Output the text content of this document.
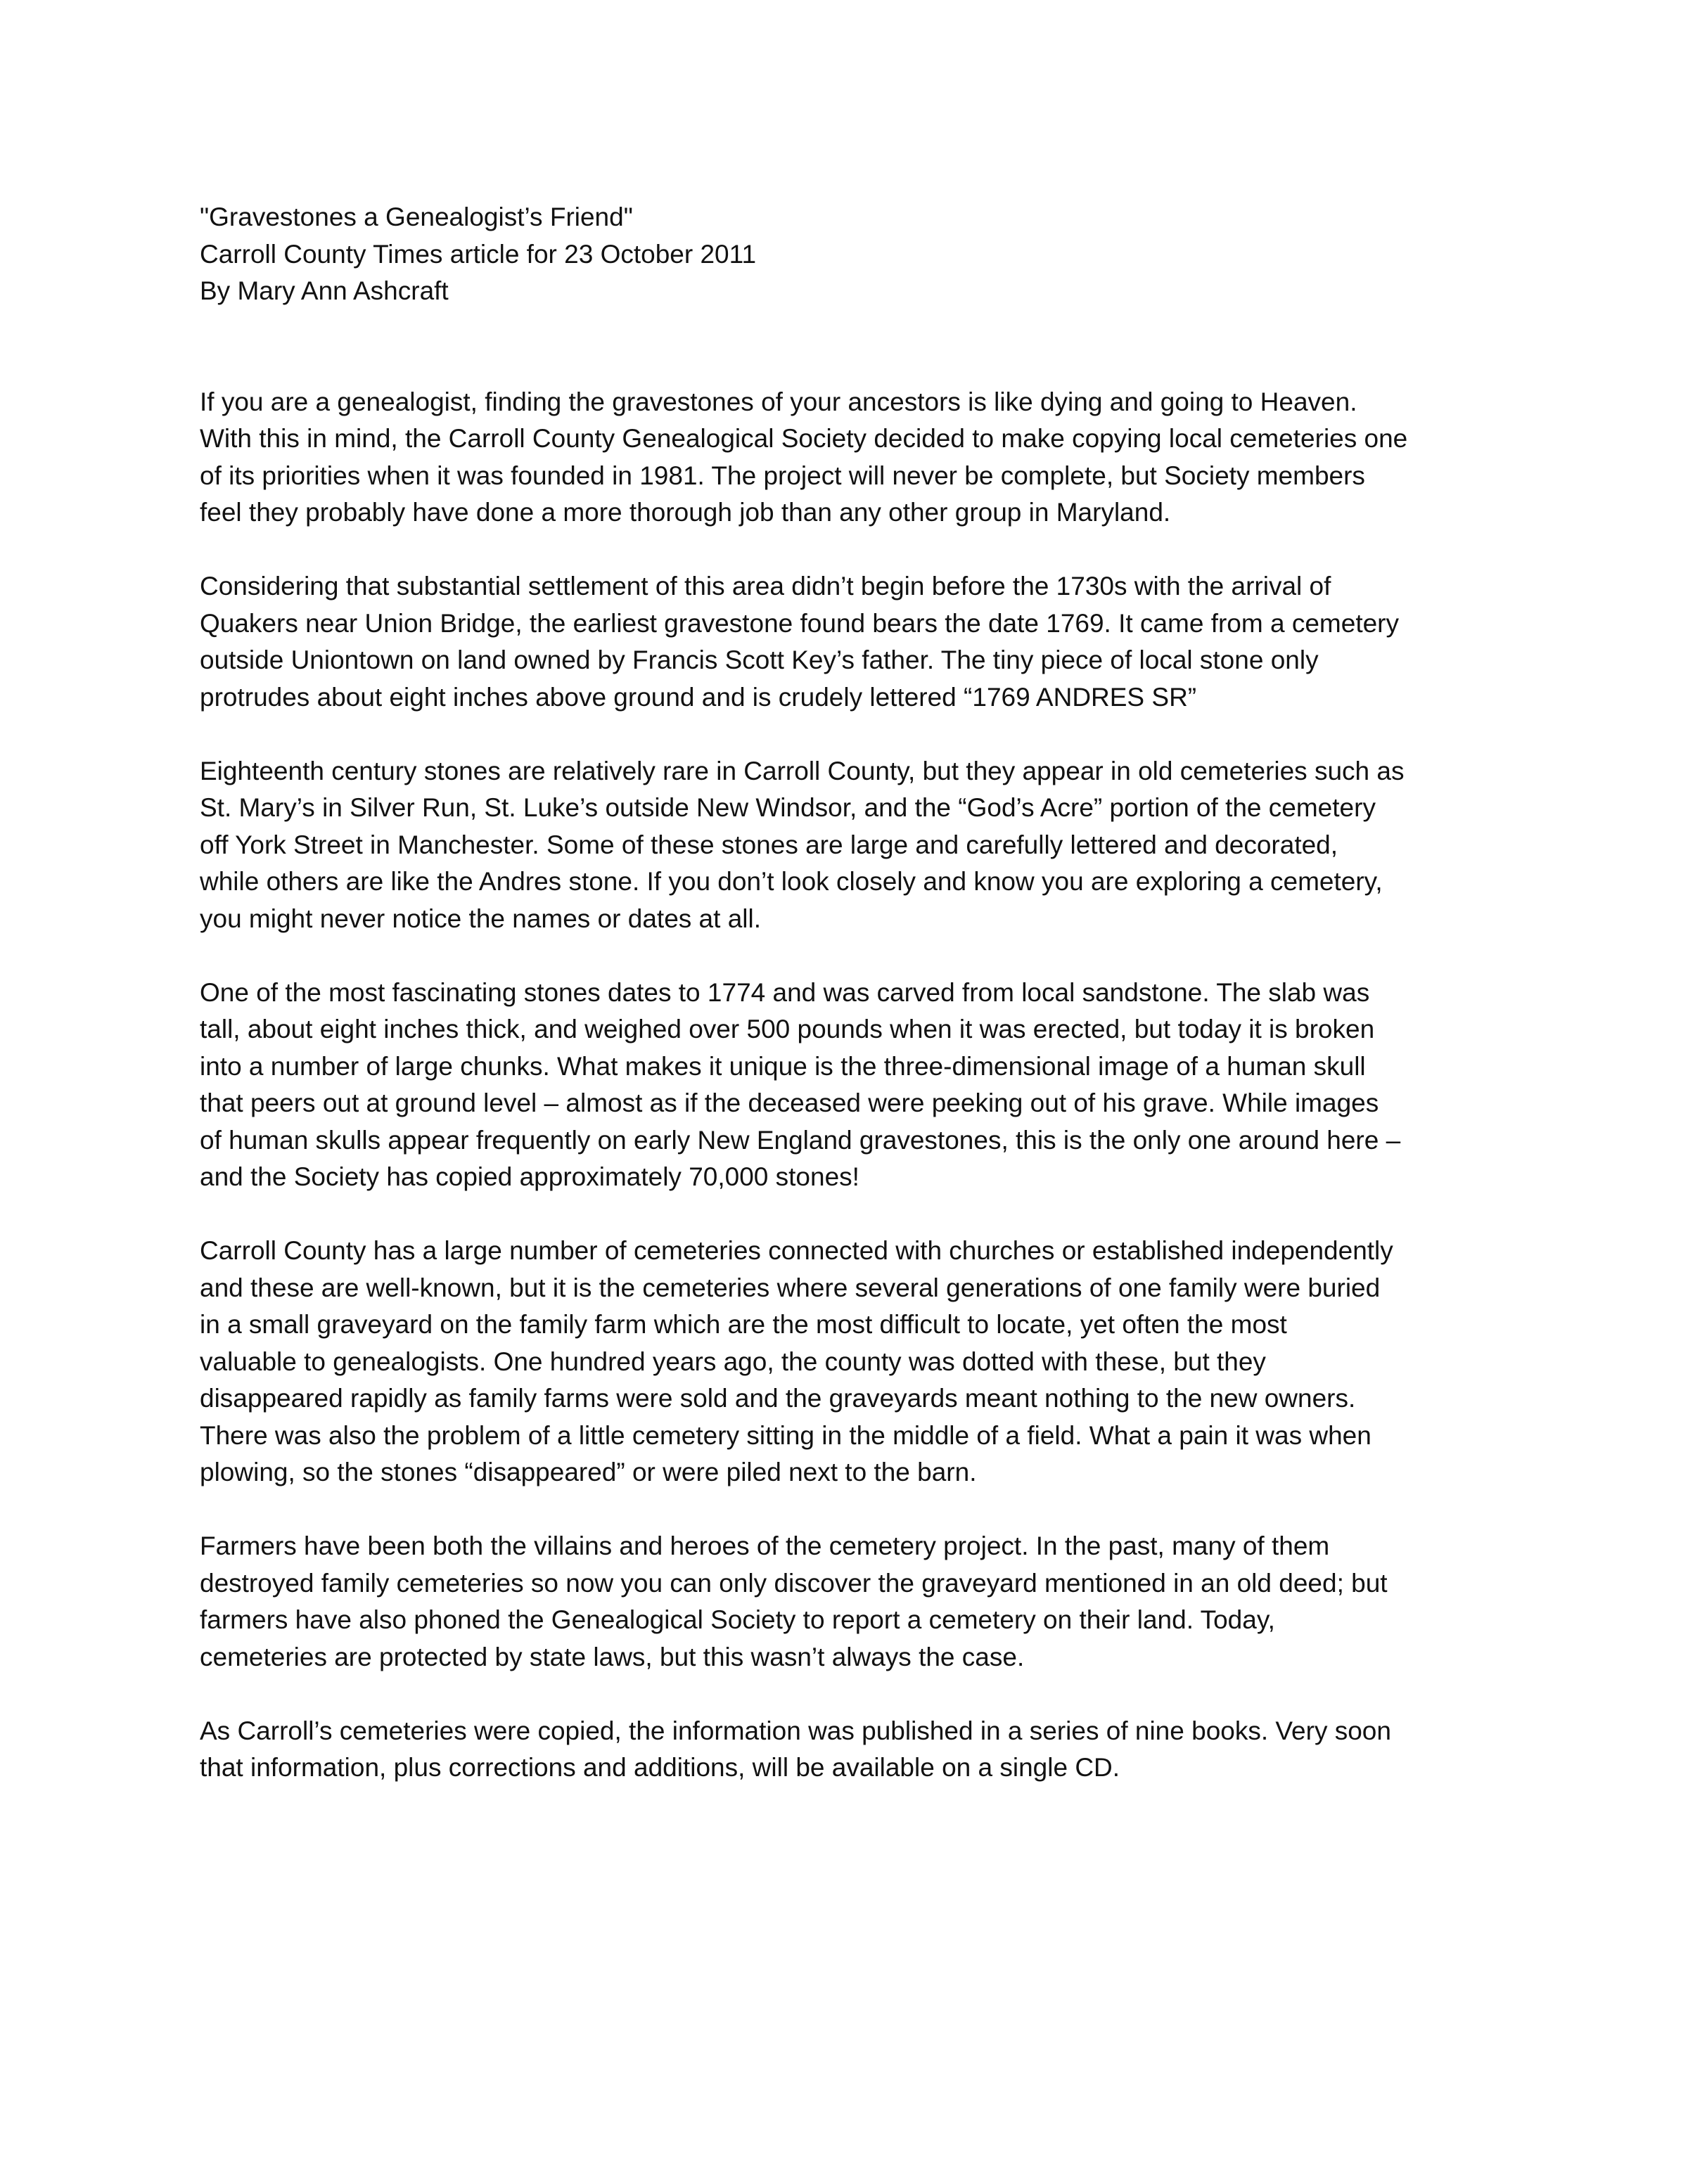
"Gravestones a Genealogist’s Friend"
Carroll County Times article for 23 October 2011
By Mary Ann Ashcraft
If you are a genealogist, finding the gravestones of your ancestors is like dying and going to Heaven.
With this in mind, the Carroll County Genealogical Society decided to make copying local cemeteries one
of its priorities when it was founded in 1981. The project will never be complete, but Society members
feel they probably have done a more thorough job than any other group in Maryland.
Considering that substantial settlement of this area didn’t begin before the 1730s with the arrival of
Quakers near Union Bridge, the earliest gravestone found bears the date 1769. It came from a cemetery
outside Uniontown on land owned by Francis Scott Key’s father. The tiny piece of local stone only
protrudes about eight inches above ground and is crudely lettered “1769 ANDRES SR”
Eighteenth century stones are relatively rare in Carroll County, but they appear in old cemeteries such as
St. Mary’s in Silver Run, St. Luke’s outside New Windsor, and the “God’s Acre” portion of the cemetery
off York Street in Manchester. Some of these stones are large and carefully lettered and decorated,
while others are like the Andres stone. If you don’t look closely and know you are exploring a cemetery,
you might never notice the names or dates at all.
One of the most fascinating stones dates to 1774 and was carved from local sandstone. The slab was
tall, about eight inches thick, and weighed over 500 pounds when it was erected, but today it is broken
into a number of large chunks. What makes it unique is the three-dimensional image of a human skull
that peers out at ground level – almost as if the deceased were peeking out of his grave. While images
of human skulls appear frequently on early New England gravestones, this is the only one around here –
and the Society has copied approximately 70,000 stones!
Carroll County has a large number of cemeteries connected with churches or established independently
and these are well-known, but it is the cemeteries where several generations of one family were buried
in a small graveyard on the family farm which are the most difficult to locate, yet often the most
valuable to genealogists. One hundred years ago, the county was dotted with these, but they
disappeared rapidly as family farms were sold and the graveyards meant nothing to the new owners.
There was also the problem of a little cemetery sitting in the middle of a field. What a pain it was when
plowing, so the stones “disappeared” or were piled next to the barn.
Farmers have been both the villains and heroes of the cemetery project. In the past, many of them
destroyed family cemeteries so now you can only discover the graveyard mentioned in an old deed; but
farmers have also phoned the Genealogical Society to report a cemetery on their land. Today,
cemeteries are protected by state laws, but this wasn’t always the case.
As Carroll’s cemeteries were copied, the information was published in a series of nine books. Very soon
that information, plus corrections and additions, will be available on a single CD.
